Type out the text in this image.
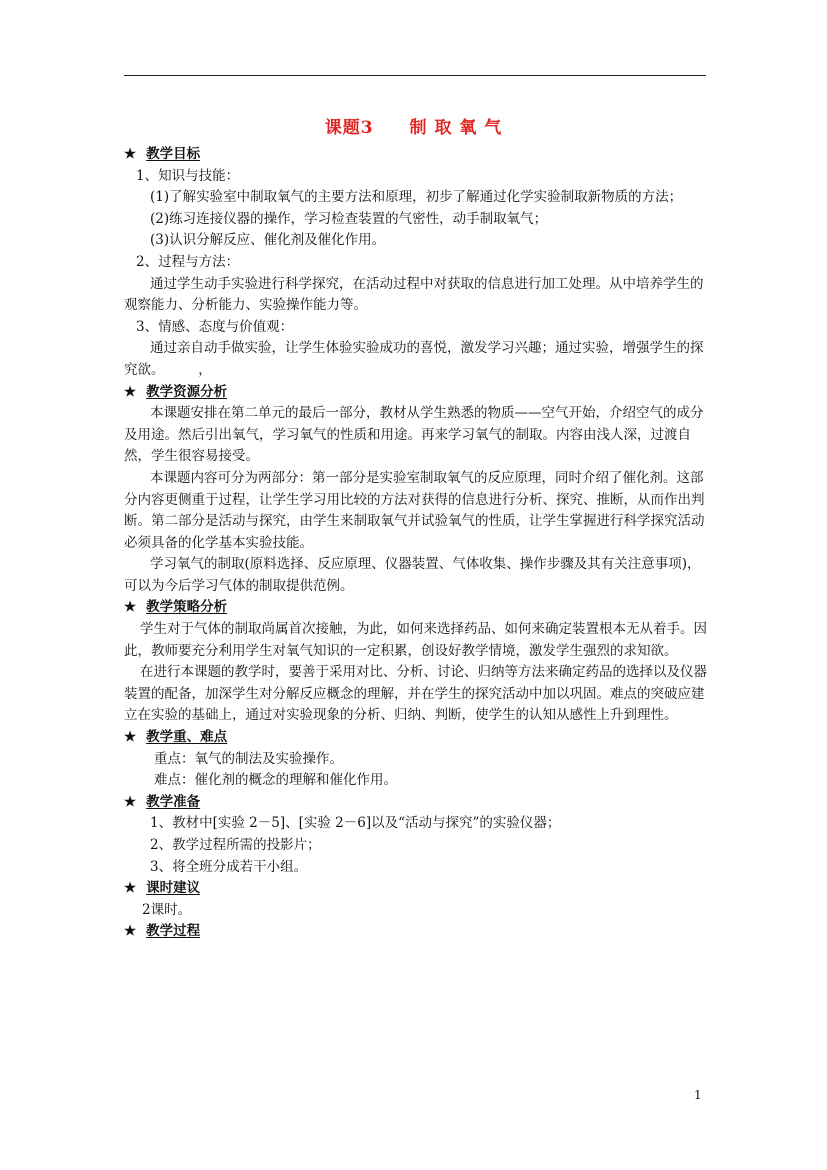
课题3　　制 取 氧 气

★ 教学目标

1、知识与技能：

(1)了解实验室中制取氧气的主要方法和原理，初步了解通过化学实验制取新物质的方法；

(2)练习连接仪器的操作，学习检查装置的气密性，动手制取氧气；

(3)认识分解反应、催化剂及催化作用。

2、过程与方法：

通过学生动手实验进行科学探究，在活动过程中对获取的信息进行加工处理。从中培养学生的观察能力、分析能力、实验操作能力等。

3、情感、态度与价值观：

通过亲自动手做实验，让学生体验实验成功的喜悦，激发学习兴趣；通过实验，增强学生的探究欲。　　　，

★ 教学资源分析

本课题安排在第二单元的最后一部分，教材从学生熟悉的物质——空气开始，介绍空气的成分及用途。然后引出氧气，学习氧气的性质和用途。再来学习氧气的制取。内容由浅人深，过渡自然，学生很容易接受。

本课题内容可分为两部分：第一部分是实验室制取氧气的反应原理，同时介绍了催化剂。这部分内容更侧重于过程，让学生学习用比较的方法对获得的信息进行分析、探究、推断，从而作出判断。第二部分是活动与探究，由学生来制取氧气并试验氧气的性质，让学生掌握进行科学探究活动必须具备的化学基本实验技能。

学习氧气的制取(原料选择、反应原理、仪器装置、气体收集、操作步骤及其有关注意事项)，可以为今后学习气体的制取提供范例。

★ 教学策略分析

学生对于气体的制取尚属首次接触，为此，如何来选择药品、如何来确定装置根本无从着手。因此，教师要充分利用学生对氧气知识的一定积累，创设好教学情境，激发学生强烈的求知欲。

在进行本课题的教学时，要善于采用对比、分析、讨论、归纳等方法来确定药品的选择以及仪器装置的配备，加深学生对分解反应概念的理解，并在学生的探究活动中加以巩固。难点的突破应建立在实验的基础上，通过对实验现象的分析、归纳、判断，使学生的认知从感性上升到理性。

★ 教学重、难点

重点：氧气的制法及实验操作。

难点：催化剂的概念的理解和催化作用。

★ 教学准备

1、教材中[实验 2－5]、[实验 2－6]以及“活动与探究”的实验仪器；

2、教学过程所需的投影片；

3、将全班分成若干小组。

★ 课时建议

2课时。

★ 教学过程

1
